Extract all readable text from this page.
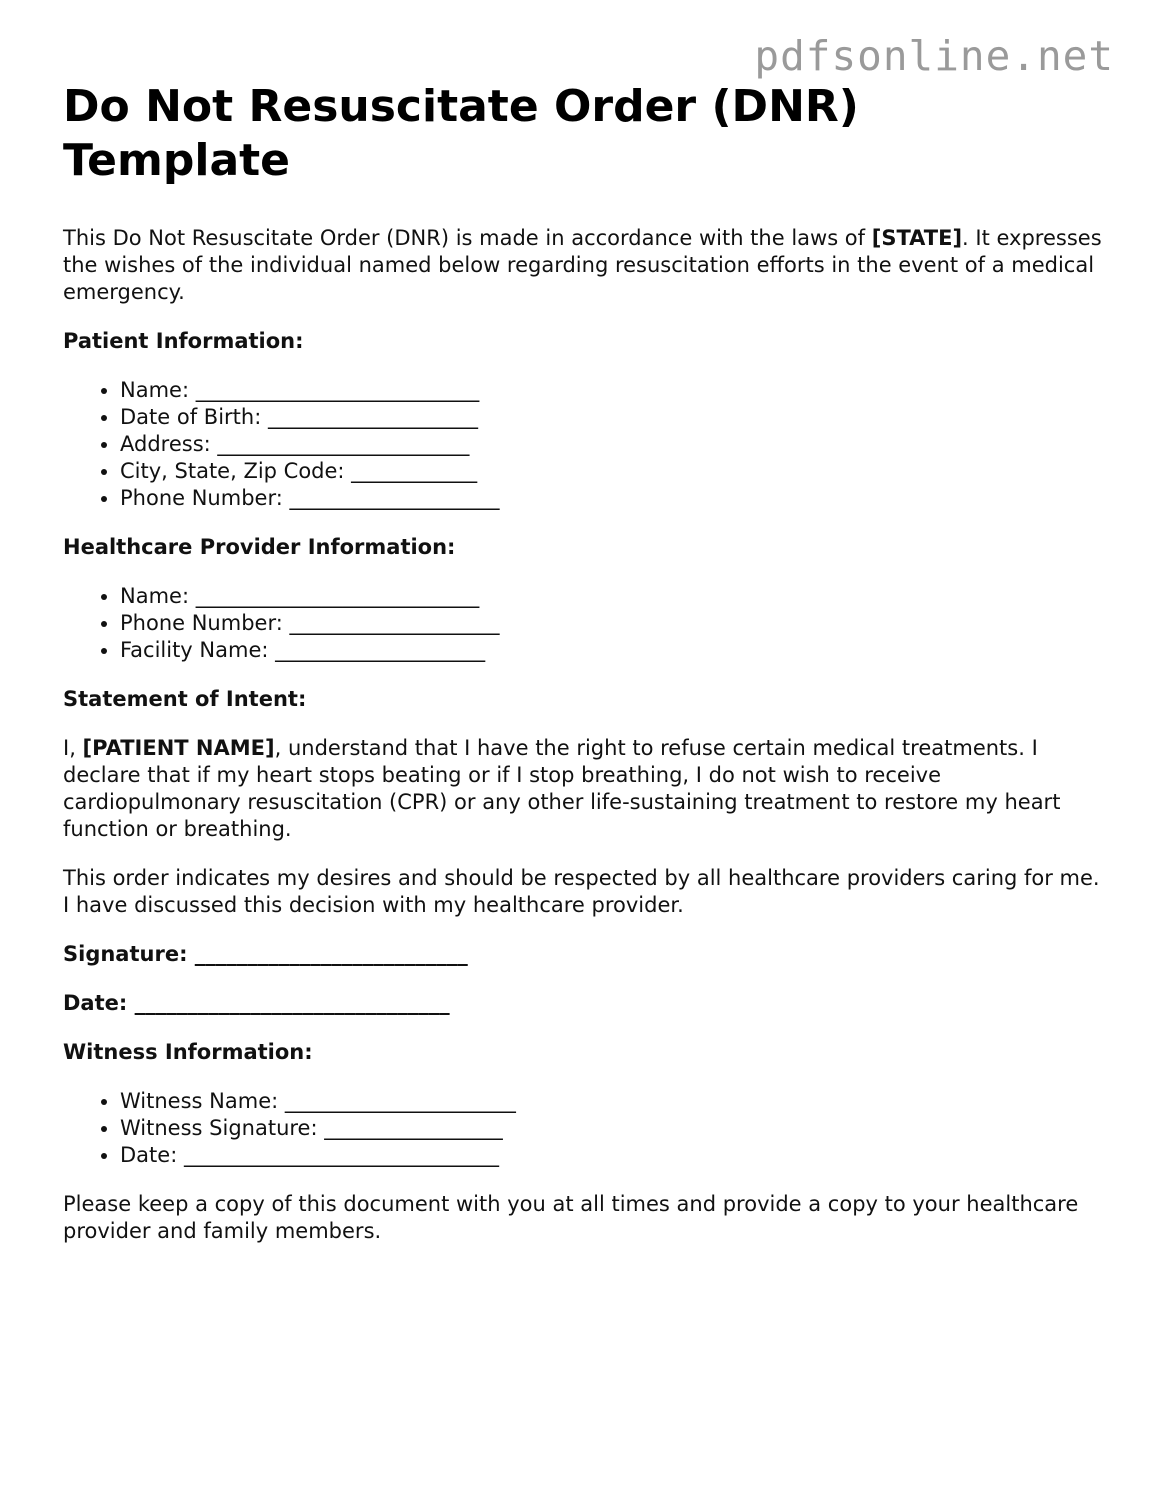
pdfsonline.net
Do Not Resuscitate Order (DNR)
Template

This Do Not Resuscitate Order (DNR) is made in accordance with the laws of [STATE]. It expresses the wishes of the individual named below regarding resuscitation efforts in the event of a medical emergency.

Patient Information:
• Name: ___________________________
• Date of Birth: ____________________
• Address: ________________________
• City, State, Zip Code: ____________
• Phone Number: ____________________
Healthcare Provider Information:
• Name: ___________________________
• Phone Number: ____________________
• Facility Name: ____________________
Statement of Intent:

I, [PATIENT NAME], understand that I have the right to refuse certain medical treatments. I declare that if my heart stops beating or if I stop breathing, I do not wish to receive cardiopulmonary resuscitation (CPR) or any other life-sustaining treatment to restore my heart function or breathing.

This order indicates my desires and should be respected by all healthcare providers caring for me. I have discussed this decision with my healthcare provider.

Signature: __________________________
Date: ______________________________
Witness Information:
• Witness Name: ______________________
• Witness Signature: _________________
• Date: ______________________________

Please keep a copy of this document with you at all times and provide a copy to your healthcare provider and family members.
